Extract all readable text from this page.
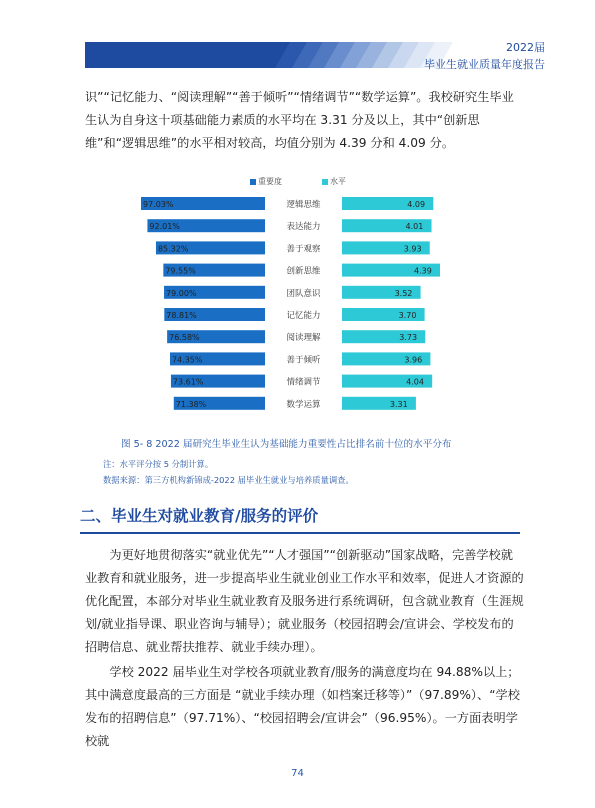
2022届
毕业生就业质量年度报告

识”“记忆能力、“阅读理解”“善于倾听”“情绪调节”“数学运算”。我校研究生毕业生认为自身这十项基础能力素质的水平均在 3.31 分及以上，其中“创新思维”和“逻辑思维”的水平相对较高，均值分别为 4.39 分和 4.09 分。

重要度	水平
97.03%	逻辑思维	4.09
92.01%	表达能力	4.01
85.32%	善于观察	3.93
79.55%	创新思维	4.39
79.00%	团队意识	3.52
78.81%	记忆能力	3.70
76.58%	阅读理解	3.73
74.35%	善于倾听	3.96
73.61%	情绪调节	4.04
71.38%	数学运算	3.31
图 5- 8 2022 届研究生毕业生认为基础能力重要性占比排名前十位的水平分布
注：水平评分按 5 分制计算。
数据来源：第三方机构新锦成-2022 届毕业生就业与培养质量调查。
二、毕业生对就业教育/服务的评价

为更好地贯彻落实“就业优先”“人才强国”“创新驱动”国家战略，完善学校就业教育和就业服务，进一步提高毕业生就业创业工作水平和效率，促进人才资源的优化配置，本部分对毕业生就业教育及服务进行系统调研，包含就业教育（生涯规划/就业指导课、职业咨询与辅导）；就业服务（校园招聘会/宣讲会、学校发布的招聘信息、就业帮扶推荐、就业手续办理）。

学校 2022 届毕业生对学校各项就业教育/服务的满意度均在 94.88%以上；其中满意度最高的三方面是 “就业手续办理（如档案迁移等）”（97.89%）、“学校发布的招聘信息”（97.71%）、“校园招聘会/宣讲会”（96.95%）。一方面表明学校就

74
